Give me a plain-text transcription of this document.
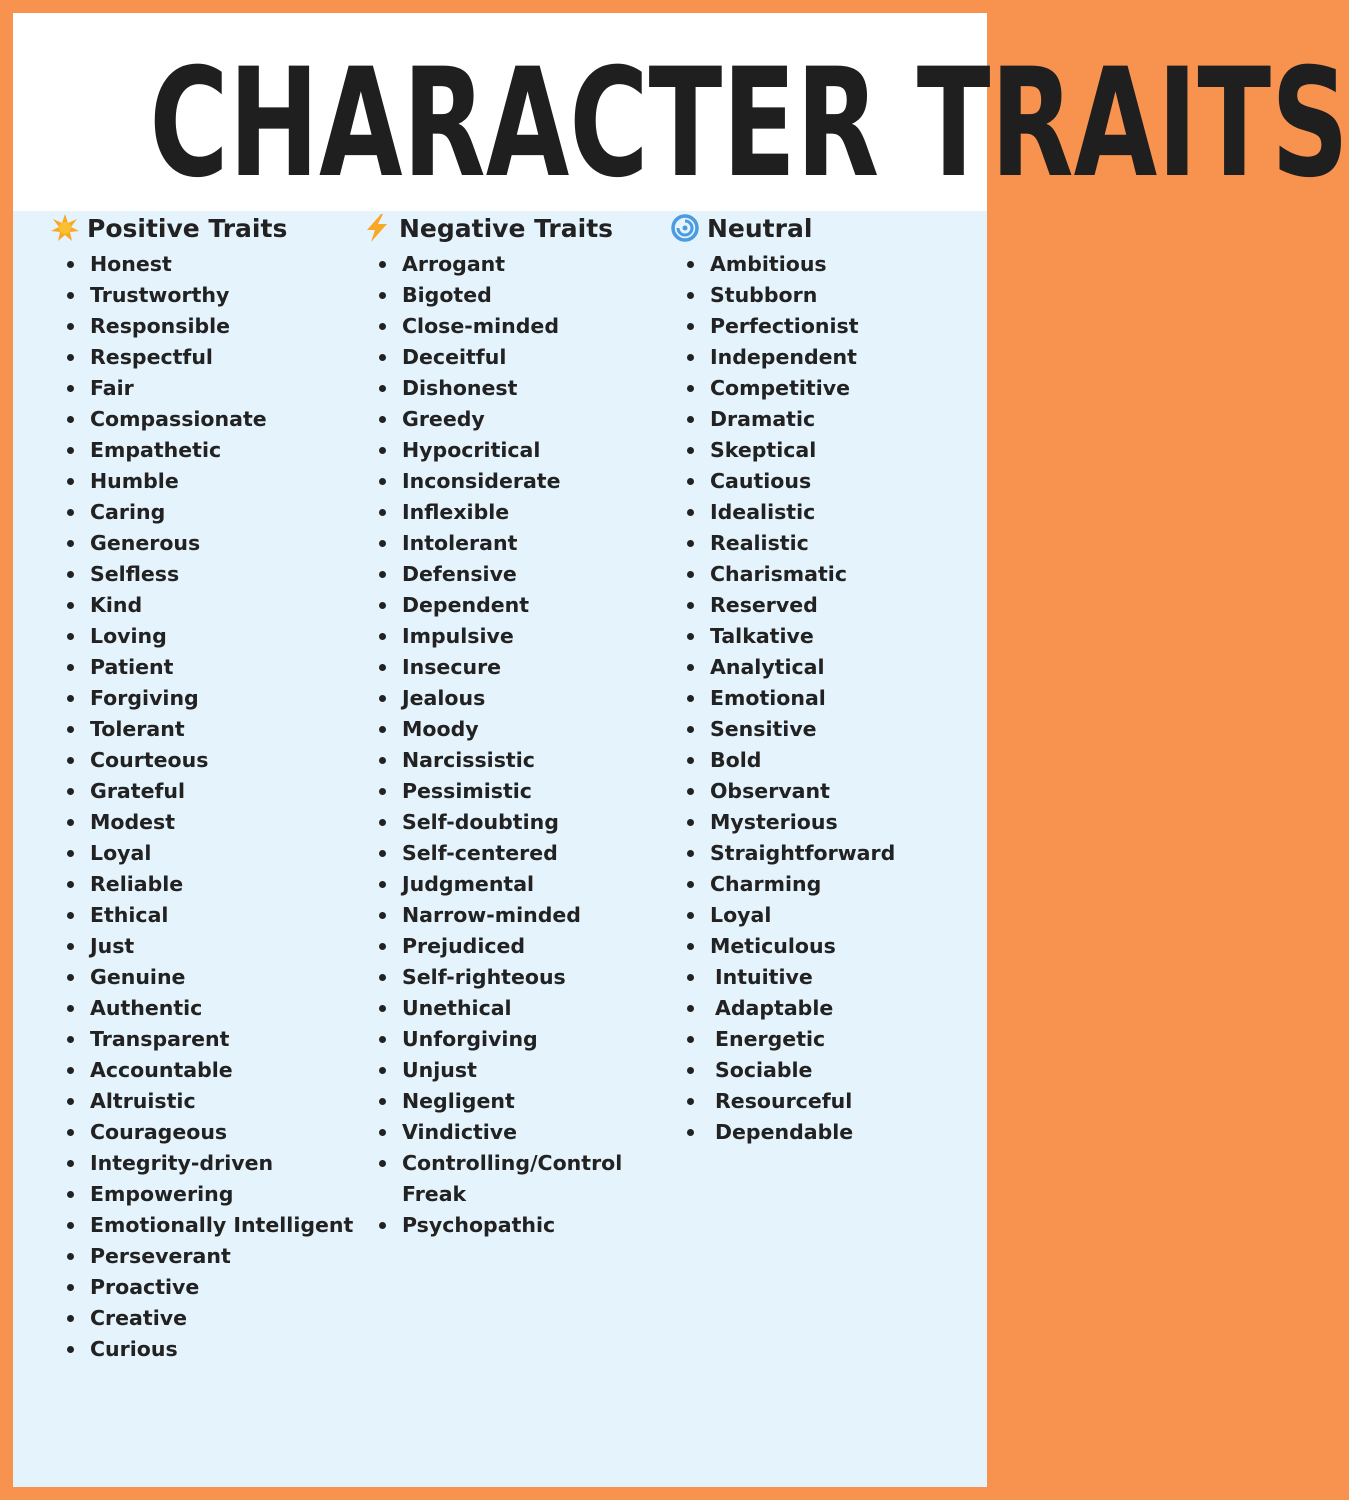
CHARACTER TRAITS
Positive Traits
Honest
Trustworthy
Responsible
Respectful
Fair
Compassionate
Empathetic
Humble
Caring
Generous
Selfless
Kind
Loving
Patient
Forgiving
Tolerant
Courteous
Grateful
Modest
Loyal
Reliable
Ethical
Just
Genuine
Authentic
Transparent
Accountable
Altruistic
Courageous
Integrity-driven
Empowering
Emotionally Intelligent
Perseverant
Proactive
Creative
Curious
Negative Traits
Arrogant
Bigoted
Close-minded
Deceitful
Dishonest
Greedy
Hypocritical
Inconsiderate
Inflexible
Intolerant
Defensive
Dependent
Impulsive
Insecure
Jealous
Moody
Narcissistic
Pessimistic
Self-doubting
Self-centered
Judgmental
Narrow-minded
Prejudiced
Self-righteous
Unethical
Unforgiving
Unjust
Negligent
Vindictive
Controlling/Control Freak
Psychopathic
Neutral
Ambitious
Stubborn
Perfectionist
Independent
Competitive
Dramatic
Skeptical
Cautious
Idealistic
Realistic
Charismatic
Reserved
Talkative
Analytical
Emotional
Sensitive
Bold
Observant
Mysterious
Straightforward
Charming
Loyal
Meticulous
Intuitive
Adaptable
Energetic
Sociable
Resourceful
Dependable
